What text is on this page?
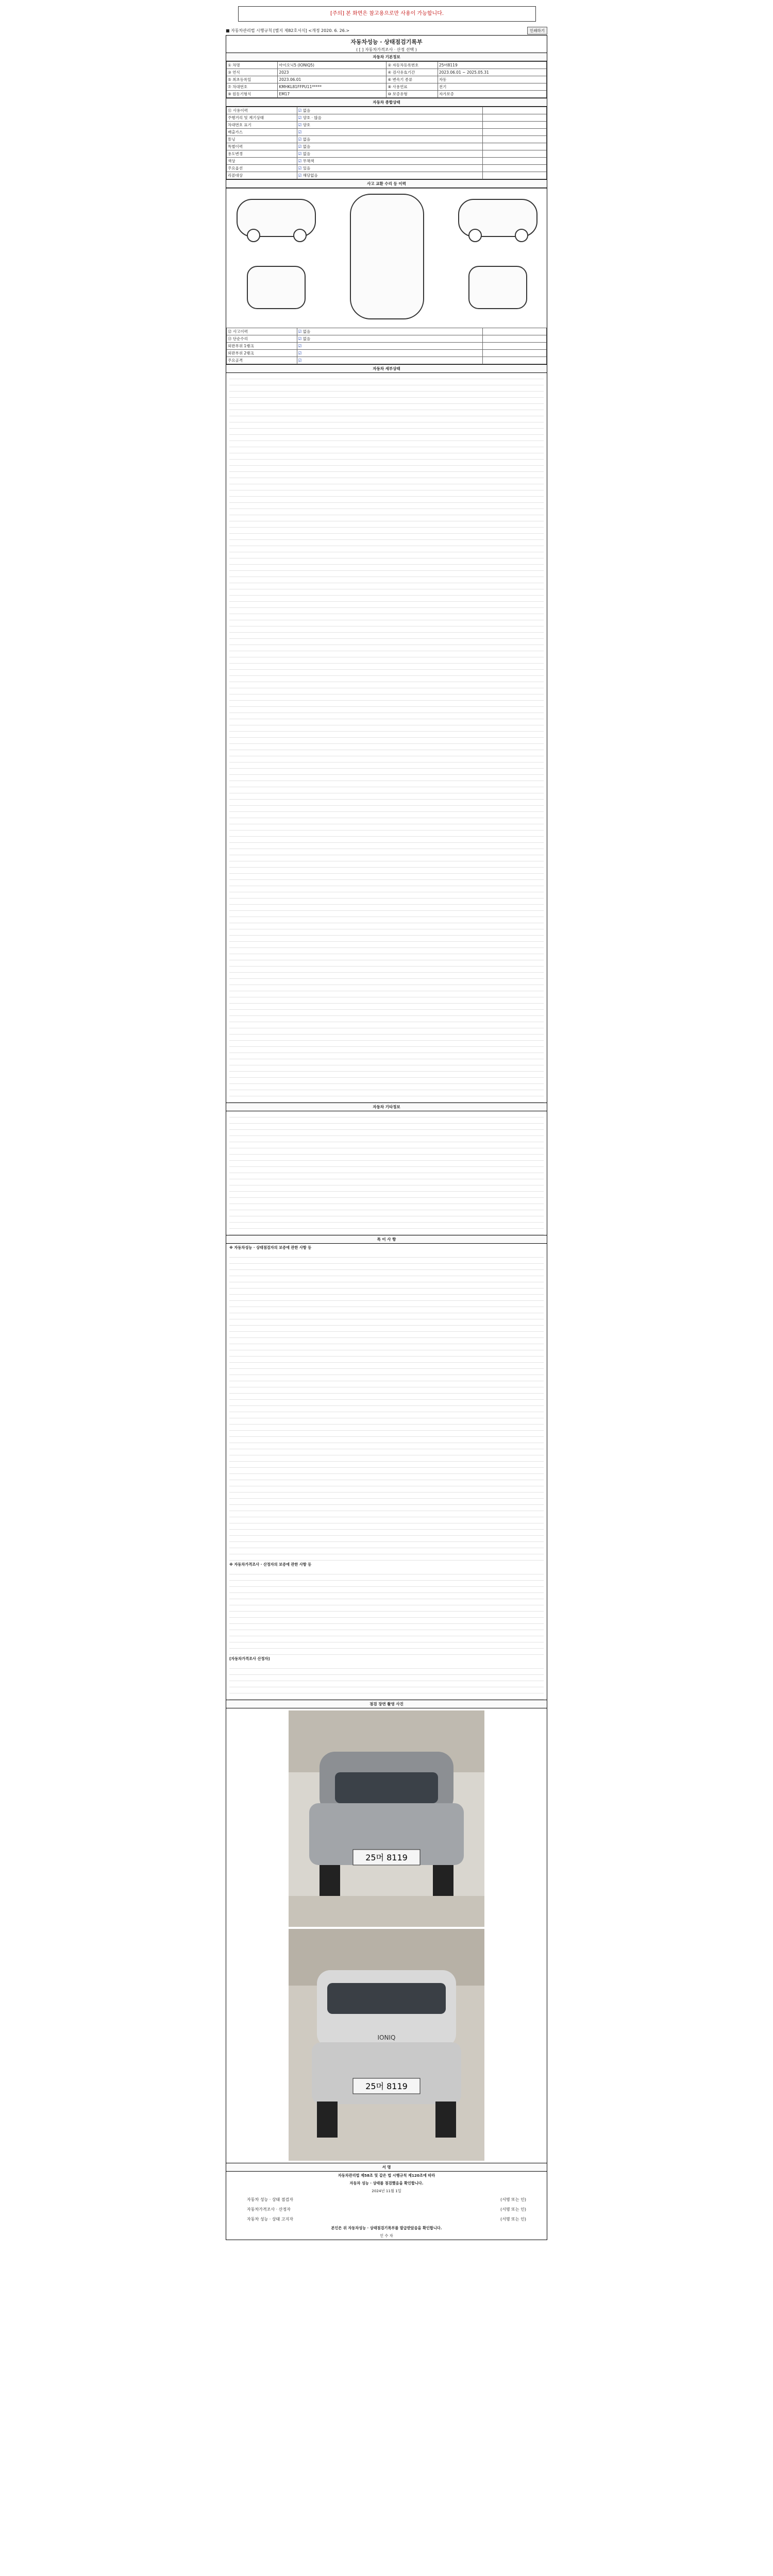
[주의] 본 화면은 참고용으로만 사용이 가능합니다.
■ 자동차관리법 시행규칙 [별지 제82호서식] <개정 2020. 6. 26.>	인쇄하기
자동차성능 · 상태점검기록부
( [ ] 자동차가격조사 · 산정 선택 )
자동차 기본정보
① 차명	아이오닉5 (IONIQ5)	② 자동차등록번호	25머8119
③ 연식	2023	④ 검사유효기간	2023.06.01 ~ 2025.05.31
⑤ 최초등록일	2023.06.01	⑥ 변속기 종류	자동
⑦ 차대번호	KMHKL81FFPU11*****	⑧ 사용연료	전기
⑨ 원동기형식	EM17	⑩ 보증유형	자가보증
자동차 종합상태
⑪ 사용이력	☑ 없음	
주행거리 및 계기상태	☑ 양호 · 많음	
차대번호 표기	☑ 양호	
배출가스	☑	
튜닝	☑ 없음	
특별이력	☑ 없음	
용도변경	☑ 없음	
색상	☑ 무채색	
주요옵션	☑ 있음	
리콜대상	☑ 해당없음	
사고 교환 수리 등 이력
⑫ 사고이력	☑ 없음	
⑬ 단순수리	☑ 없음	
외판부위 1랭크	☑	
외판부위 2랭크	☑	
주요골격	☑	
자동차 세부상태
자동차 기타정보
특 이 사 항
※ 자동차성능 · 상태점검자의 보증에 관한 사항 등
※ 자동차가격조사 · 산정자의 보증에 관한 사항 등
[자동차가격조사 산정자]
점검 장면 촬영 사진
25머 8119
IONIQ
25머 8119
서 명
자동차관리법 제58조 및 같은 법 시행규칙 제120조에 따라
자동차 성능 · 상태를 점검했음을 확인합니다.
2024년 11월 1일
자동차 성능 · 상태 점검자	(서명 또는 인)
자동차가격조사 · 산정자	(서명 또는 인)
자동차 성능 · 상태 고지자	(서명 또는 인)
본인은 위 자동차성능 · 상태점검기록부를 발급받았음을 확인합니다.
인 수 자
